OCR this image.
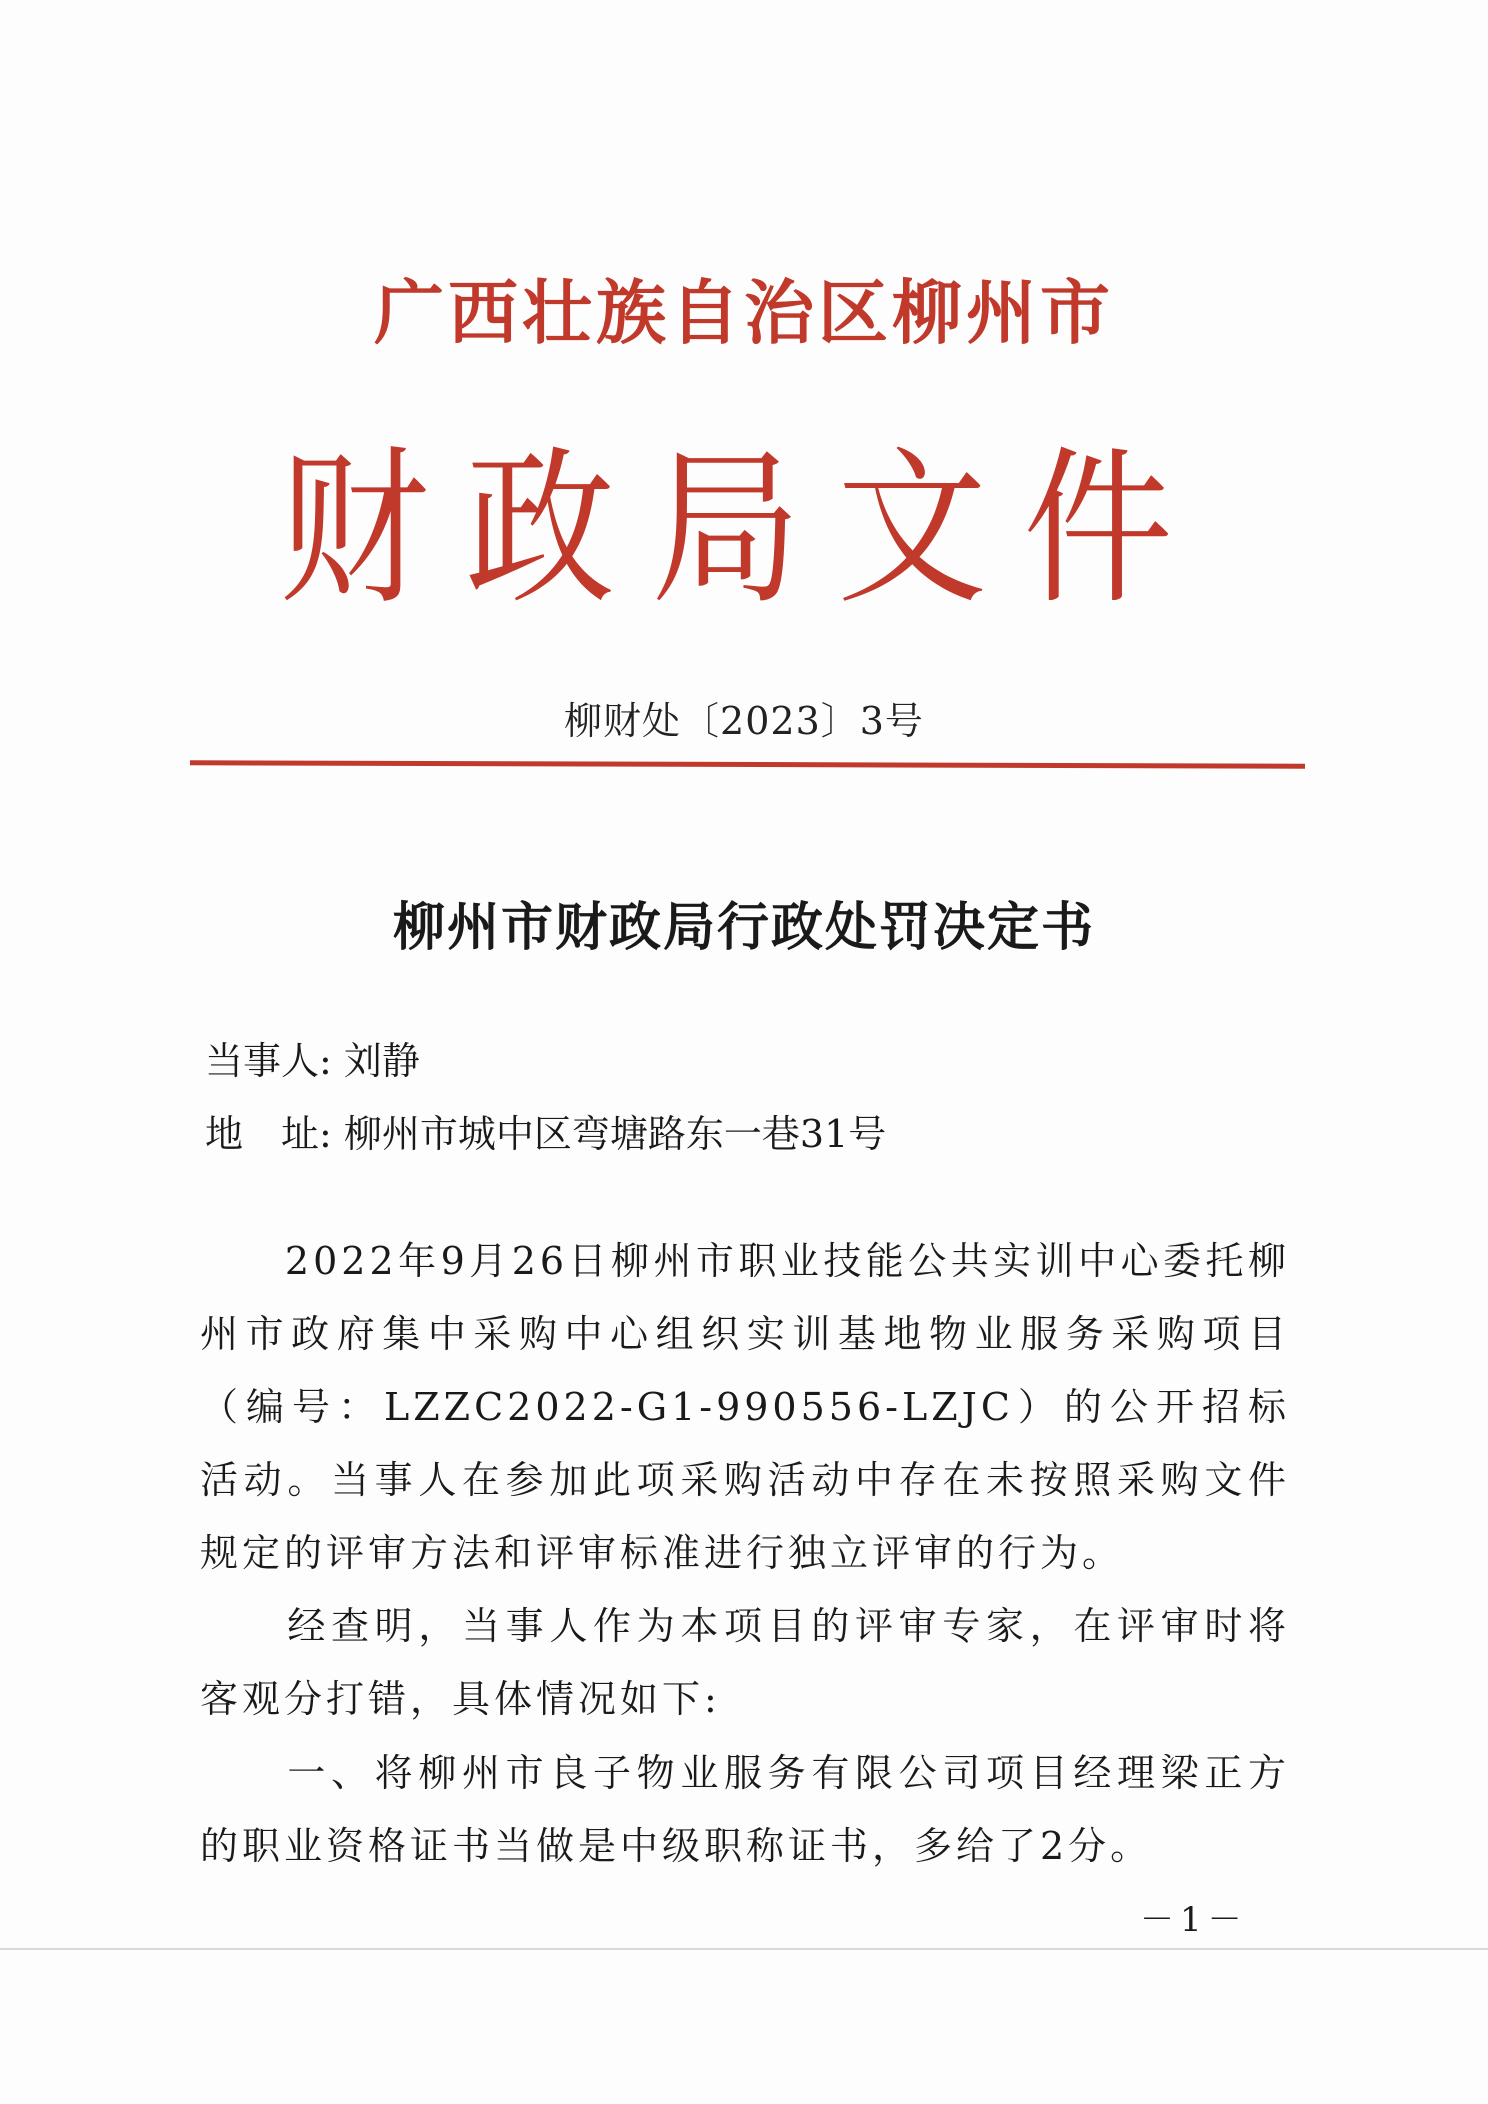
广西壮族自治区柳州市
财政局文件
柳财处〔2023〕3号
柳州市财政局行政处罚决定书
当事人: 刘静
地　址: 柳州市城中区弯塘路东一巷31号
　　2022年9月26日柳州市职业技能公共实训中心委托柳州市政府集中采购中心组织实训基地物业服务采购项目（编号：LZZC2022-G1-990556-LZJC）的公开招标活动。当事人在参加此项采购活动中存在未按照采购文件规定的评审方法和评审标准进行独立评审的行为。
　　经查明，当事人作为本项目的评审专家，在评审时将客观分打错，具体情况如下:
　　一、将柳州市良子物业服务有限公司项目经理梁正方的职业资格证书当做是中级职称证书，多给了2分。
－1－
